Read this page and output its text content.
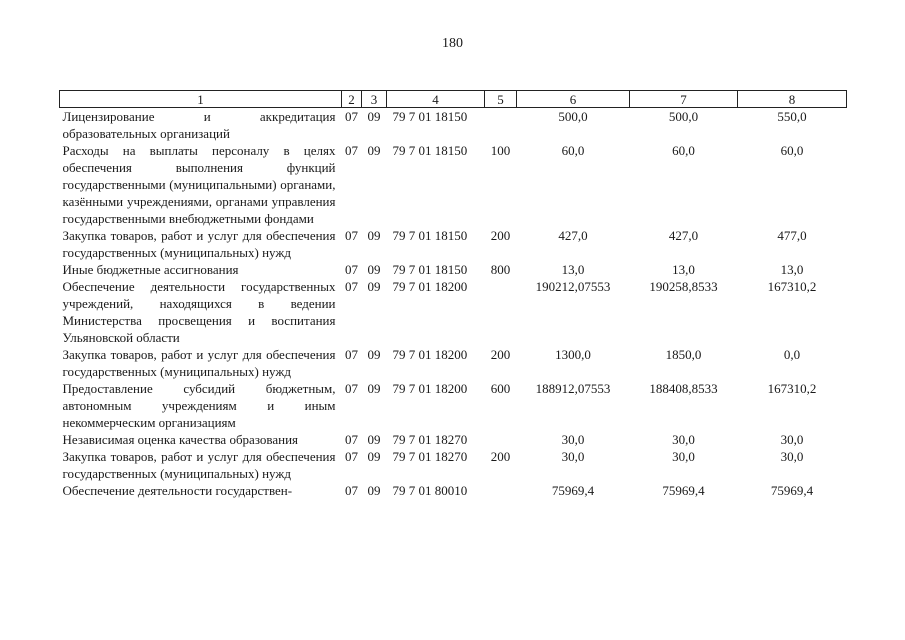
180
1	2	3	4	5	6	7	8
Лицензирование и аккредитация образовательных организаций	07	09	79 7 01 18150		500,0	500,0	550,0
Расходы на выплаты персоналу в целях обеспечения выполнения функций государственными (муниципальными) органами, казёнными учреждениями, органами управления государственными внебюджетными фондами	07	09	79 7 01 18150	100	60,0	60,0	60,0
Закупка товаров, работ и услуг для обеспечения государственных (муниципальных) нужд	07	09	79 7 01 18150	200	427,0	427,0	477,0
Иные бюджетные ассигнования	07	09	79 7 01 18150	800	13,0	13,0	13,0
Обеспечение деятельности государственных учреждений, находящихся в ведении Министерства просвещения и воспитания Ульяновской области	07	09	79 7 01 18200		190212,07553	190258,8533	167310,2
Закупка товаров, работ и услуг для обеспечения государственных (муниципальных) нужд	07	09	79 7 01 18200	200	1300,0	1850,0	0,0
Предоставление субсидий бюджетным, автономным учреждениям и иным некоммерческим организациям	07	09	79 7 01 18200	600	188912,07553	188408,8533	167310,2
Независимая оценка качества образования	07	09	79 7 01 18270		30,0	30,0	30,0
Закупка товаров, работ и услуг для обеспечения государственных (муниципальных) нужд	07	09	79 7 01 18270	200	30,0	30,0	30,0
Обеспечение деятельности государствен-	07	09	79 7 01 80010		75969,4	75969,4	75969,4
